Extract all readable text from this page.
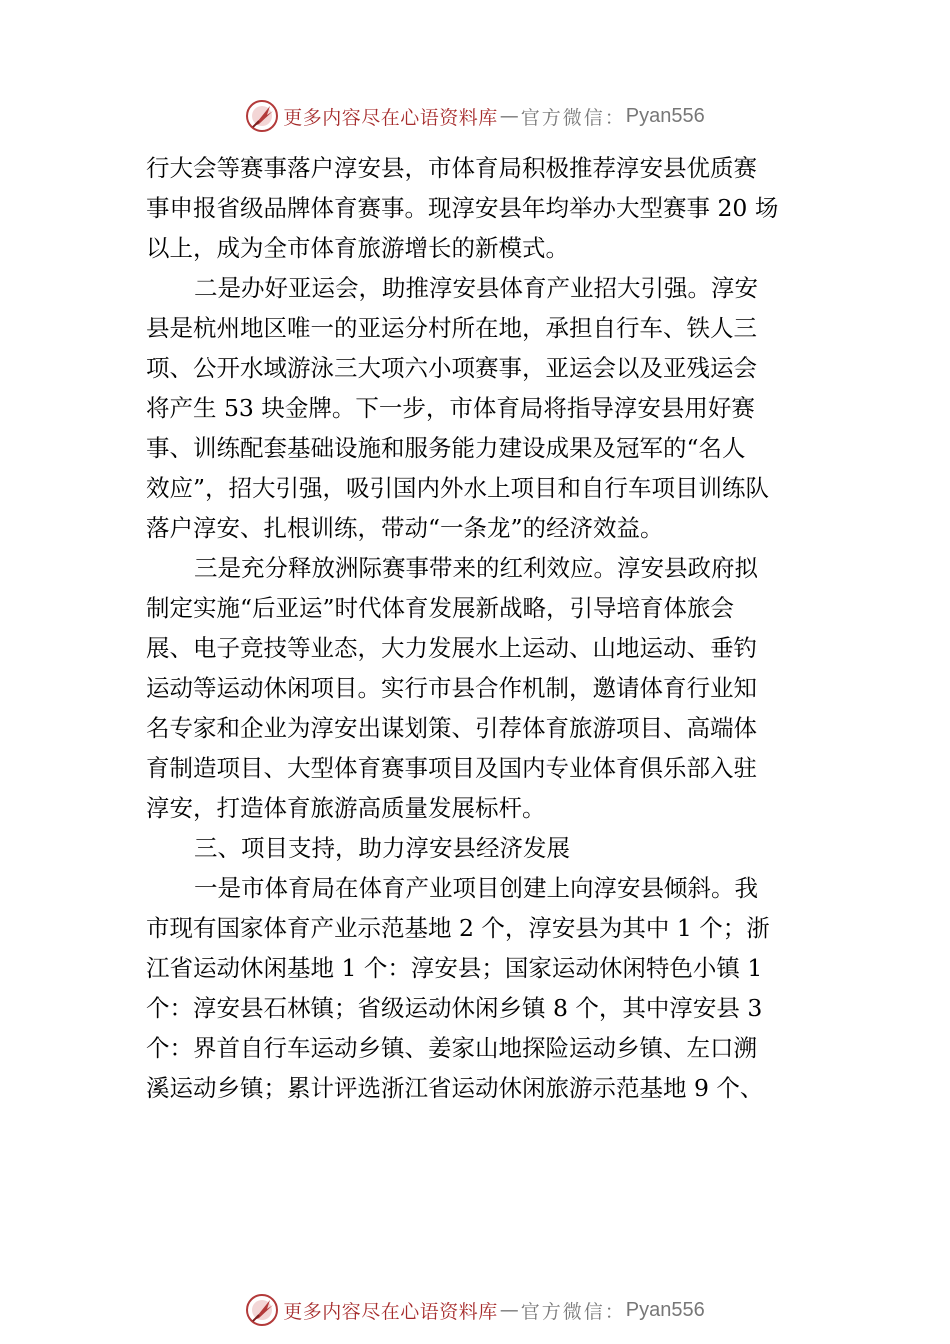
更多内容尽在心语资料库 — 官方微信： Pyan556
行大会等赛事落户淳安县，市体育局积极推荐淳安县优质赛
事申报省级品牌体育赛事。现淳安县年均举办大型赛事 20 场
以上，成为全市体育旅游增长的新模式。
二是办好亚运会，助推淳安县体育产业招大引强。淳安
县是杭州地区唯一的亚运分村所在地，承担自行车、铁人三
项、公开水域游泳三大项六小项赛事，亚运会以及亚残运会
将产生 53 块金牌。下一步，市体育局将指导淳安县用好赛
事、训练配套基础设施和服务能力建设成果及冠军的“名人
效应”，招大引强，吸引国内外水上项目和自行车项目训练队
落户淳安、扎根训练，带动“一条龙”的经济效益。
三是充分释放洲际赛事带来的红利效应。淳安县政府拟
制定实施“后亚运”时代体育发展新战略，引导培育体旅会
展、电子竞技等业态，大力发展水上运动、山地运动、垂钓
运动等运动休闲项目。实行市县合作机制，邀请体育行业知
名专家和企业为淳安出谋划策、引荐体育旅游项目、高端体
育制造项目、大型体育赛事项目及国内专业体育俱乐部入驻
淳安，打造体育旅游高质量发展标杆。
三、项目支持，助力淳安县经济发展
一是市体育局在体育产业项目创建上向淳安县倾斜。我
市现有国家体育产业示范基地 2 个，淳安县为其中 1 个；浙
江省运动休闲基地 1 个：淳安县；国家运动休闲特色小镇 1
个：淳安县石林镇；省级运动休闲乡镇 8 个，其中淳安县 3
个：界首自行车运动乡镇、姜家山地探险运动乡镇、左口溯
溪运动乡镇；累计评选浙江省运动休闲旅游示范基地 9 个、
更多内容尽在心语资料库 — 官方微信： Pyan556
